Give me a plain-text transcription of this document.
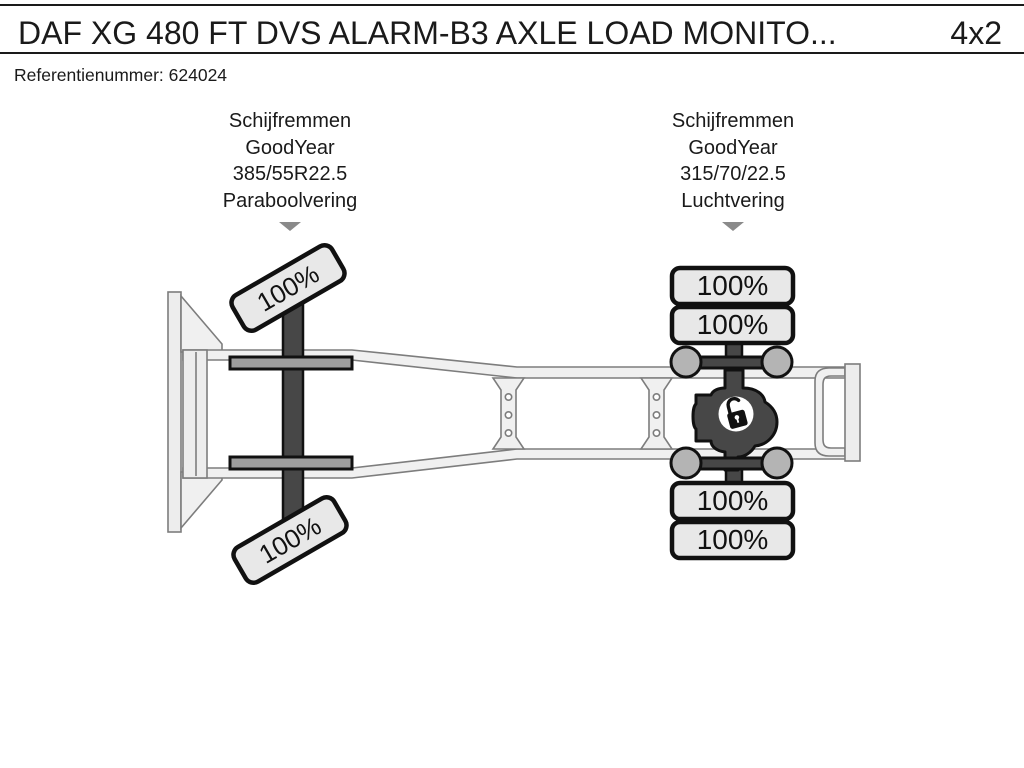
DAF XG 480 FT DVS ALARM-B3 AXLE LOAD MONITO...	4x2
Referentienummer: 624024
Schijfremmen
GoodYear
385/55R22.5
Paraboolvering
Schijfremmen
GoodYear
315/70/22.5
Luchtvering
100%
100%
100%
100%
100%
100%
